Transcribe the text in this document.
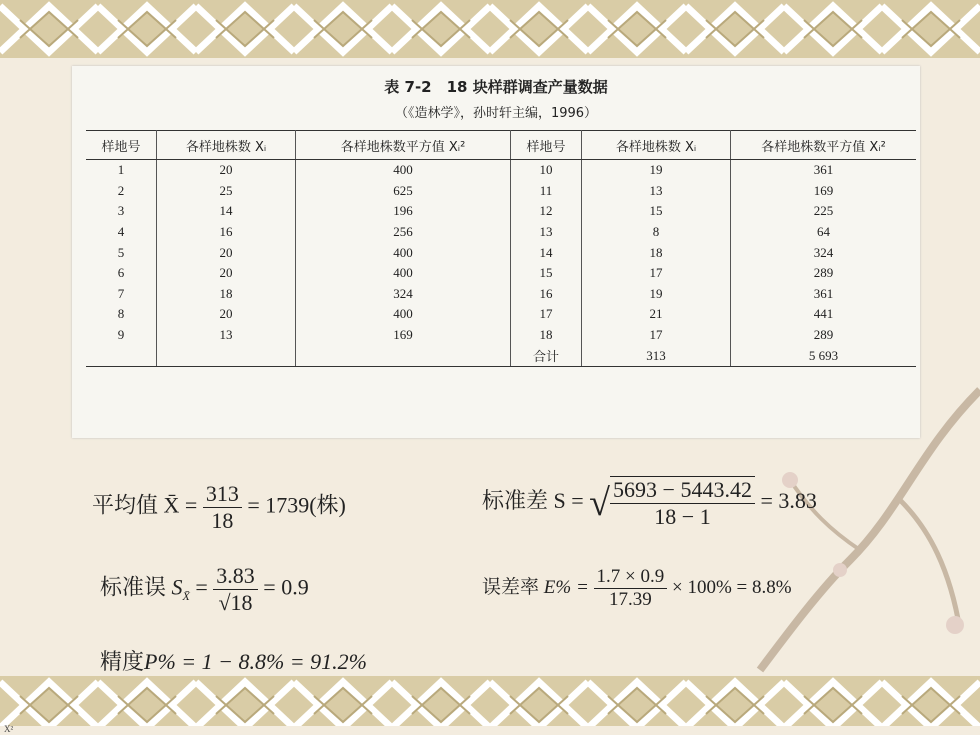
表 7-2　18 块样群调查产量数据
（《造林学》，孙时轩主编，1996）
样地号	各样地株数 Xᵢ	各样地株数平方值 Xᵢ²	样地号	各样地株数 Xᵢ	各样地株数平方值 Xᵢ²
1	20	400	10	19	361
2	25	625	11	13	169
3	14	196	12	15	225
4	16	256	13	8	64
5	20	400	14	18	324
6	20	400	15	17	289
7	18	324	16	19	361
8	20	400	17	21	441
9	13	169	18	17	289
			合计	313	5 693
平均值 X̄ = $\frac{313}{18} = 1739$(株)	标准差 S = √ $\frac{5693 - 5443.42}{18 - 1} = 3.83$
标准误 $S_{X̄} = \frac{3.83}{√18} = 0.9$	误差率 $E\% = \frac{1.7 \times 0.9}{17.39} \times 100\% = 8.8\%$
精度P% = 1 − 8.8% = 91.2%
X²
